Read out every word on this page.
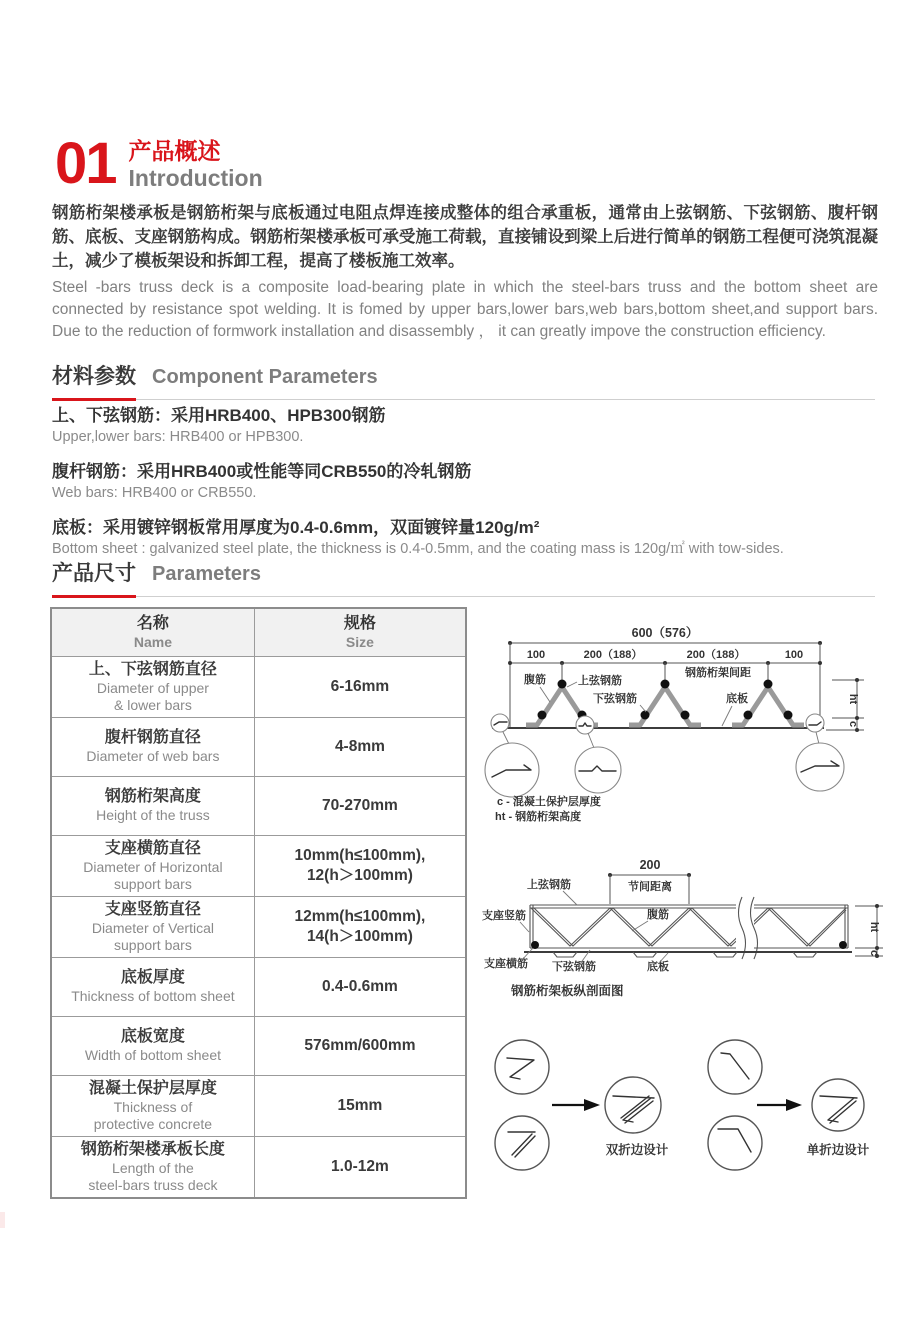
01 产品概述
Introduction

钢筋桁架楼承板是钢筋桁架与底板通过电阻点焊连接成整体的组合承重板，通常由上弦钢筋、下弦钢筋、腹杆钢筋、底板、支座钢筋构成。钢筋桁架楼承板可承受施工荷载，直接铺设到梁上后进行简单的钢筋工程便可浇筑混凝土，减少了模板架设和拆卸工程，提高了楼板施工效率。

Steel -bars truss deck is a composite load-bearing plate in which the steel-bars truss and the bottom sheet are connected by resistance spot welding. It is fomed by upper bars,lower bars,web bars,bottom sheet,and support bars. Due to the reduction of formwork installation and disassembly ， it can greatly impove the construction efficiency.

材料参数 Component Parameters
上、下弦钢筋：采用HRB400、HPB300钢筋
Upper,lower bars: HRB400 or HPB300.
腹杆钢筋：采用HRB400或性能等同CRB550的冷轧钢筋
Web bars: HRB400 or CRB550.
底板：采用镀锌钢板常用厚度为0.4-0.6mm，双面镀锌量120g/m²
Bottom sheet : galvanized steel plate, the thickness is 0.4-0.5mm, and the coating mass is 120g/㎡ with tow-sides.
产品尺寸 Parameters
名称
Name

规格
Size

上、下弦钢筋直径
Diameter of upper
& lower bars	6-16mm

腹杆钢筋直径
Diameter of web bars	4-8mm

钢筋桁架高度
Height of the truss	70-270mm

支座横筋直径
Diameter of Horizontal
support bars
	10mm(h≤100mm),
12(h＞100mm)

支座竖筋直径
Diameter of Vertical
support bars
	12mm(h≤100mm),
14(h＞100mm)

底板厚度
Thickness of bottom sheet	0.4-0.6mm

底板宽度
Width of bottom sheet	576mm/600mm

混凝土保护层厚度
Thickness of
protective concrete	15mm

钢筋桁架楼承板长度
Length of the
steel-bars truss deck	1.0-12m
600（576）
100	200（188）	200（188）	100
钢筋桁架间距
腹筋	上弦钢筋
下弦钢筋	底板	ht
c
c - 混凝土保护层厚度
ht - 钢筋桁架高度
200
节间距离
上弦钢筋
支座竖筋	腹筋
支座横筋 下弦钢筋	底板
ht
c
钢筋桁架板纵剖面图
双折边设计	单折边设计
